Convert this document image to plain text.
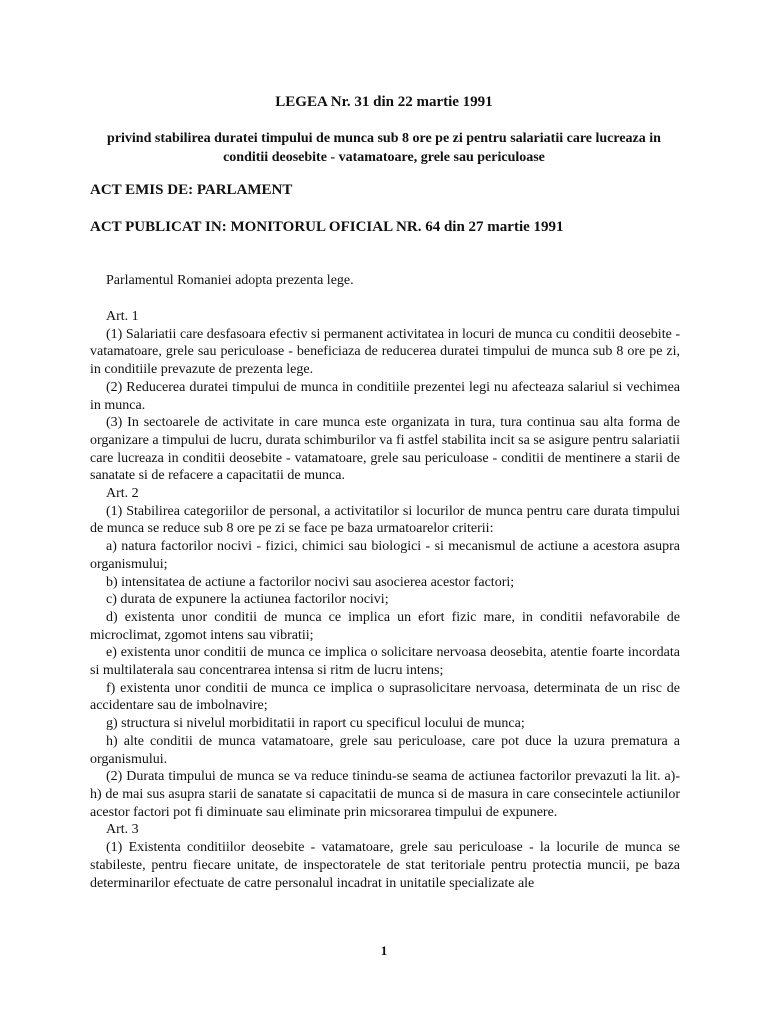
LEGEA Nr. 31 din 22 martie 1991
privind stabilirea duratei timpului de munca sub 8 ore pe zi pentru salariatii care lucreaza in conditii deosebite - vatamatoare, grele sau periculoase
ACT EMIS DE: PARLAMENT
ACT PUBLICAT IN: MONITORUL OFICIAL NR. 64 din 27 martie 1991

Parlamentul Romaniei adopta prezenta lege.

Art. 1

(1) Salariatii care desfasoara efectiv si permanent activitatea in locuri de munca cu conditii deosebite - vatamatoare, grele sau periculoase - beneficiaza de reducerea duratei timpului de munca sub 8 ore pe zi, in conditiile prevazute de prezenta lege.

(2) Reducerea duratei timpului de munca in conditiile prezentei legi nu afecteaza salariul si vechimea in munca.

(3) In sectoarele de activitate in care munca este organizata in tura, tura continua sau alta forma de organizare a timpului de lucru, durata schimburilor va fi astfel stabilita incit sa se asigure pentru salariatii care lucreaza in conditii deosebite - vatamatoare, grele sau periculoase - conditii de mentinere a starii de sanatate si de refacere a capacitatii de munca.

Art. 2

(1) Stabilirea categoriilor de personal, a activitatilor si locurilor de munca pentru care durata timpului de munca se reduce sub 8 ore pe zi se face pe baza urmatoarelor criterii:

a) natura factorilor nocivi - fizici, chimici sau biologici - si mecanismul de actiune a acestora asupra organismului;

b) intensitatea de actiune a factorilor nocivi sau asocierea acestor factori;

c) durata de expunere la actiunea factorilor nocivi;

d) existenta unor conditii de munca ce implica un efort fizic mare, in conditii nefavorabile de microclimat, zgomot intens sau vibratii;

e) existenta unor conditii de munca ce implica o solicitare nervoasa deosebita, atentie foarte incordata si multilaterala sau concentrarea intensa si ritm de lucru intens;

f) existenta unor conditii de munca ce implica o suprasolicitare nervoasa, determinata de un risc de accidentare sau de imbolnavire;

g) structura si nivelul morbiditatii in raport cu specificul locului de munca;

h) alte conditii de munca vatamatoare, grele sau periculoase, care pot duce la uzura prematura a organismului.

(2) Durata timpului de munca se va reduce tinindu-se seama de actiunea factorilor prevazuti la lit. a)-h) de mai sus asupra starii de sanatate si capacitatii de munca si de masura in care consecintele actiunilor acestor factori pot fi diminuate sau eliminate prin micsorarea timpului de expunere.

Art. 3

(1) Existenta conditiilor deosebite - vatamatoare, grele sau periculoase - la locurile de munca se stabileste, pentru fiecare unitate, de inspectoratele de stat teritoriale pentru protectia muncii, pe baza determinarilor efectuate de catre personalul incadrat in unitatile specializate ale

1
